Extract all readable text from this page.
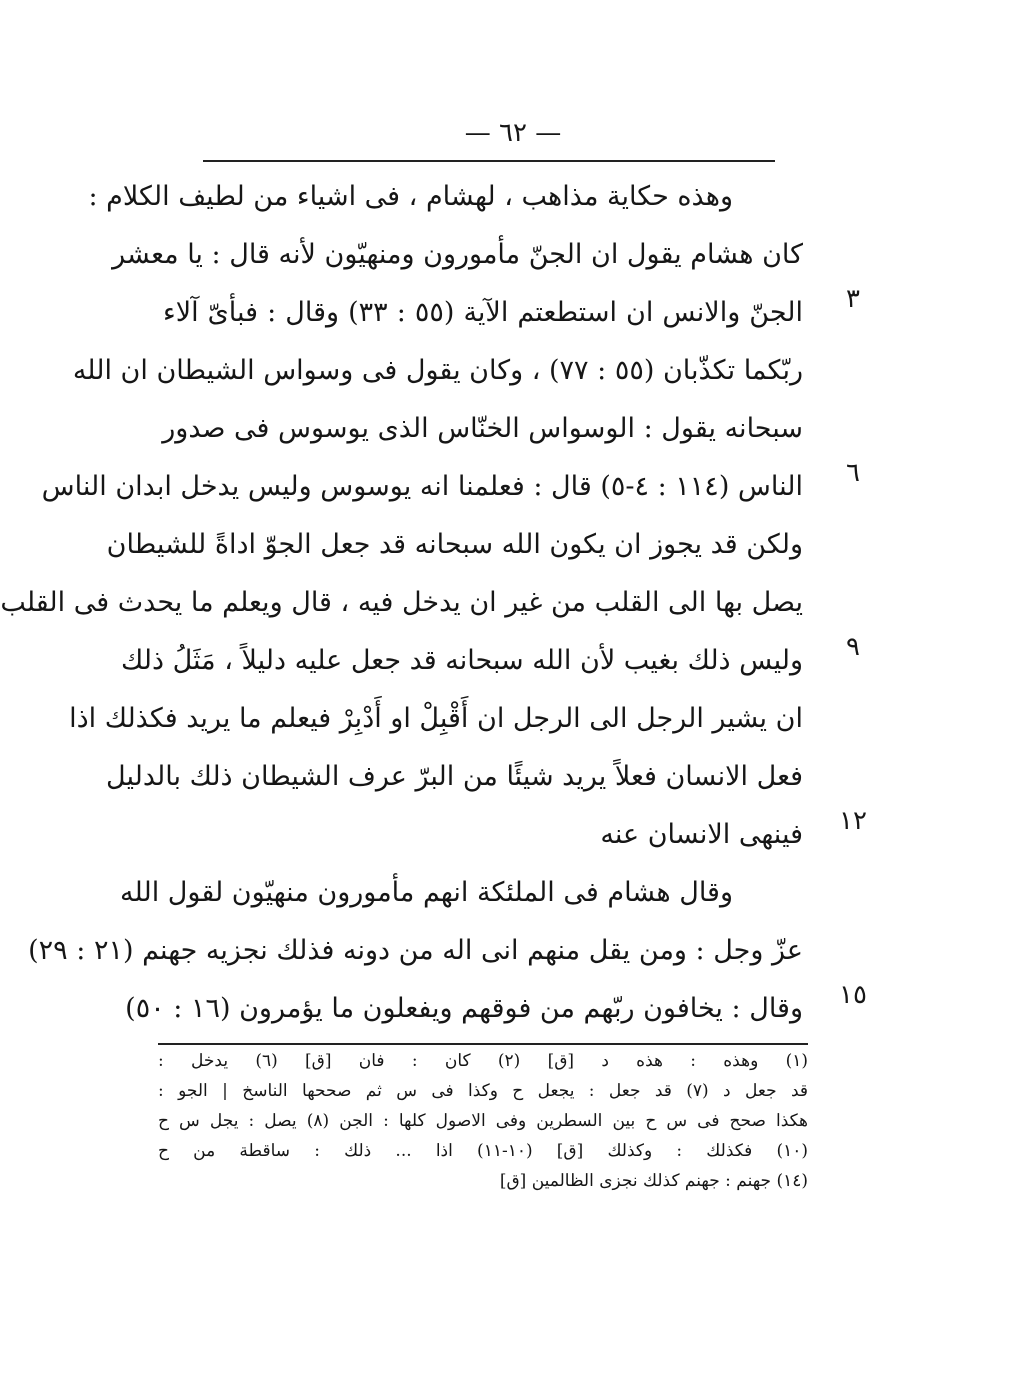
— ٦٢ —
وهذه حكاية مذاهب ، لهشام ، فى اشياء من لطيف الكلام :
كان هشام يقول ان الجنّ مأمورون ومنهيّون لأنه قال : يا معشر
الجنّ والانس ان استطعتم الآية (٥٥ : ٣٣) وقال : فبأىّ آلاء
ربّكما تكذّبان (٥٥ : ٧٧) ، وكان يقول فى وسواس الشيطان ان الله
سبحانه يقول : الوسواس الخنّاس الذى يوسوس فى صدور
الناس (١١٤ : ٤-٥) قال : فعلمنا انه يوسوس وليس يدخل ابدان الناس
ولكن قد يجوز ان يكون الله سبحانه قد جعل الجوّ اداةً للشيطان
يصل بها الى القلب من غير ان يدخل فيه ، قال ويعلم ما يحدث فى القلب
وليس ذلك بغيب لأن الله سبحانه قد جعل عليه دليلاً ، مَثَلُ ذلك
ان يشير الرجل الى الرجل ان أَقْبِلْ او أَدْبِرْ فيعلم ما يريد فكذلك اذا
فعل الانسان فعلاً يريد شيئًا من البرّ عرف الشيطان ذلك بالدليل
فينهى الانسان عنه
وقال هشام فى الملئكة انهم مأمورون منهيّون لقول الله
عزّ وجل : ومن يقل منهم انى اله من دونه فذلك نجزيه جهنم (٢١ : ٢٩)
وقال : يخافون ربّهم من فوقهم ويفعلون ما يؤمرون (١٦ : ٥٠)
٣
٦
٩
١٢
١٥
(١) وهذه : هذه د [ق] (٢) كان : فان [ق] (٦) يدخل :
قد جعل د (٧) قد جعل : يجعل ح وكذا فى س ثم صححها الناسخ | الجو :
هكذا صحح فى س ح بين السطرين وفى الاصول كلها : الجن (٨) يصل : يجل س ح
(١٠) فكذلك : وكذلك [ق] (١٠-١١) اذا ... ذلك : ساقطة من ح
(١٤) جهنم : جهنم كذلك نجزى الظالمين [ق]
